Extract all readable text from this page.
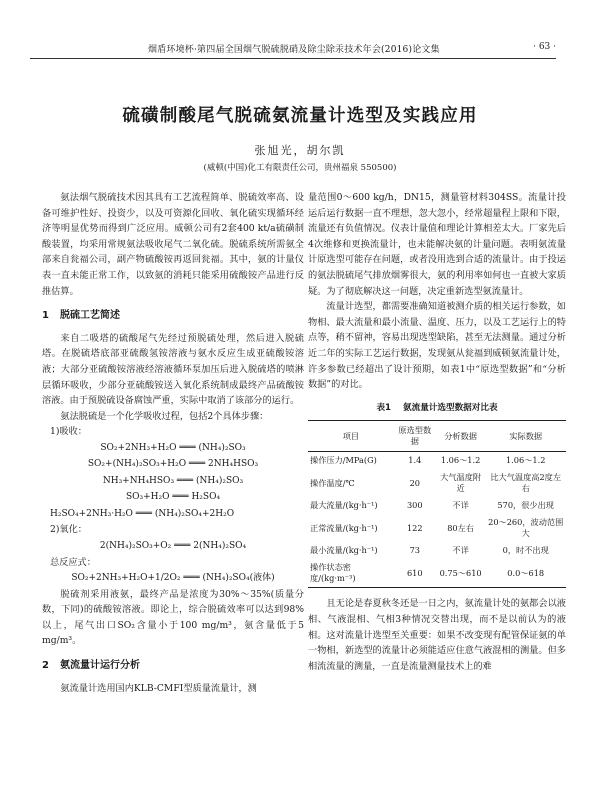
烟盾环境杯·第四届全国烟气脱硫脱硝及除尘除汞技术年会(2016)论文集	· 63 ·
硫磺制酸尾气脱硫氨流量计选型及实践应用
张旭光，胡尔凯
(威顿(中国)化工有限责任公司，贵州福泉 550500)

氨法烟气脱硫技术因其具有工艺流程简单、脱硫效率高、设备可维护性好、投资少，以及可资源化回收、氧化硫实现循环经济等明显优势而得到广泛应用。威顿公司有2套400 kt/a硫磺制酸装置，均采用常规氨法吸收尾气二氧化硫。脱硫系统所需氨全部来自瓮福公司，副产物硫酸铵再返回瓮福。其中，氨的计量仪表一直未能正常工作，以致氨的消耗只能采用硫酸铵产品进行反推估算。

1 脱硫工艺简述

来自二吸塔的硫酸尾气先经过预脱硫处理，然后进入脱硫塔。在脱硫塔底部亚硫酸氢铵溶液与氨水反应生成亚硫酸铵溶液；大部分亚硫酸铵溶液经溶液循环泵加压后进入脱硫塔的喷淋层循环吸收，少部分亚硫酸铵送入氧化系统制成最终产品硫酸铵溶液。由于预脱硫设备腐蚀严重，实际中取消了该部分的运行。

氨法脱硫是一个化学吸收过程，包括2个具体步骤：

1)吸收：
SO₂+2NH₃+H₂O ═══ (NH₄)₂SO₃
SO₂+(NH₄)₂SO₃+H₂O ═══ 2NH₄HSO₃
NH₃+NH₄HSO₃ ═══ (NH₄)₂SO₃
SO₃+H₂O ═══ H₂SO₄
H₂SO₄+2NH₃·H₂O ═══ (NH₄)₂SO₄+2H₂O
2)氧化：
2(NH₄)₂SO₃+O₂ ═══ 2(NH₄)₂SO₄
总反应式：
SO₂+2NH₃+H₂O+1/2O₂ ═══ (NH₄)₂SO₄(液体)

脱硫剂采用液氨，最终产品是浓度为30%～35%(质量分数，下同)的硫酸铵溶液。即论上，综合脱硫效率可以达到98%以上，尾气出口SO₂含量小于100 mg/m³，氨含量低于5 mg/m³。

2 氨流量计运行分析

氨流量计选用国内KLB-CMFI型质量流量计，测

量范围0～600 kg/h，DN15，测量管材料304SS。流量计投运后运行数据一直不理想，忽大忽小，经常超量程上限和下限，流量还有负值情况。仪表计量值和理论计算相差太大。厂家先后4次维修和更换流量计，也未能解决氨的计量问题。表明氨流量计原选型可能存在问题，或者没用选到合适的流量计。由于投运的氨法脱硫尾气排放烟雾很大，氨的利用率如何也一直被大家质疑。为了彻底解决这一问题，决定重新选型氨流量计。

流量计选型，都需要准确知道被测介质的相关运行参数，如物相、最大流量和最小流量、温度、压力，以及工艺运行上的特点等，稍不留神，容易出现选型缺陷，甚至无法测量。通过分析近二年的实际工艺运行数据，发现氨从瓮福到威顿氨流量计处，许多参数已经超出了设计预期，如表1中“原选型数据”和“分析数据”的对比。

表1 氨流量计选型数据对比表
项目	原选型数据	分析数据	实际数据
操作压力/MPa(G)	1.4	1.06～1.2	1.06～1.2
操作温度/℃	20	大气温度附近	比大气温度高2度左右
最大流量/(kg·h⁻¹)	300	不详	570，很少出现
正常流量/(kg·h⁻¹)	122	80左右	20～260，波动范围大
最小流量/(kg·h⁻¹)	73	不详	0，时不出现
操作状态密度/(kg·m⁻³)	610	0.75～610	0.0～618

且无论是春夏秋冬还是一日之内，氨流量计处的氨都会以液相、气液混相、气相3种情况交替出现，而不是以前认为的液相。这对流量计选型至关重要：如果不改变现有配管保证氨的单一物相，新选型的流量计必须能适应住意气液混相的测量。但多相流流量的测量，一直是流量测量技术上的难
